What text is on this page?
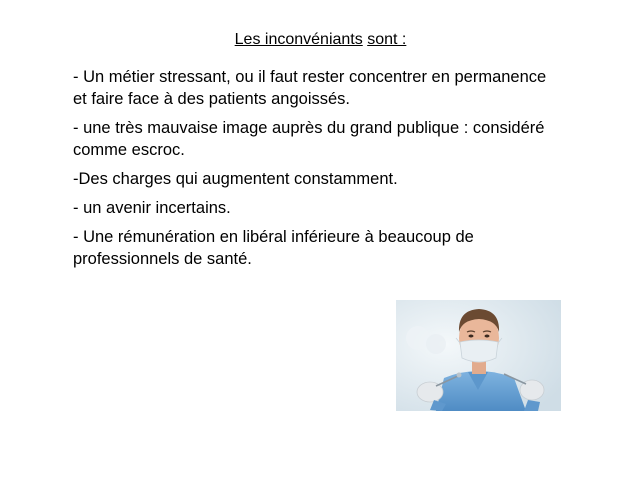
Les inconvéniants sont :

- Un métier stressant, ou il faut rester concentrer en permanence et faire face à des patients angoissés.

- une très mauvaise image auprès du grand publique : considéré comme escroc.

-Des charges qui augmentent constamment.

- un avenir incertains.

- Une rémunération en libéral inférieure à beaucoup de professionnels de santé.
